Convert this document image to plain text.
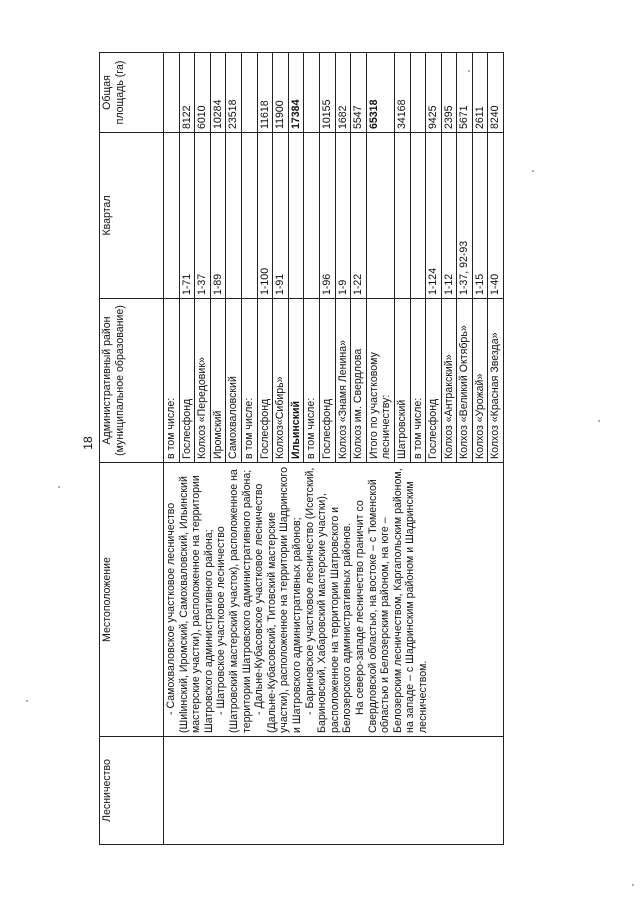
18
Лесничество	Местоположение	Административный район (муниципальное образование)	Квартал	Общая площадь (га)

	- Самохваловское участковое лесничество (Шиlинский, Иромский, Самохваловский, Ильинский мастерские участки), расположенное на территории Шатровского административного района; - Шатровское участковое лесничество (Шатровский мастерский участок), расположенное на территории Шатровского административного района; - Дальне-Кубасовское участковое лесничество (Дальне-Кубасовский, Титовский мастерские участки), расположенное на территории Шадринского и Шатровского административных районов; - Бариновское участковое лесничество (Исетский, Бариновский, Хабаровский мастерские участки), расположенное на территории Шатровского и Белозерского административных районов. На северо-западе лесничество граничит со Свердловской областью, на востоке – с Тюменской областью и Белозерским районом, на юге – Белозерским лесничеством, Каргапольским районом, на западе – с Шадринским районом и Шадринским лесничеством.	в том числе:		
		Гослесфонд	1-71	8122
		Колхоз «Передовик»	1-37	6010
		Иромский	1-89	10284
		Самохваловский		23518
		в том числе:		
		Гослесфонд	1-100	11618
		Колхоз«Сибирь»	1-91	11900
		Ильинский		17384
		в том числе:		
		Гослесфонд	1-96	10155
		Колхоз «Знамя Ленина»	1-9	1682
		Колхоз им. Свердлова	1-22	5547
		Итого по участковому лесничеству:		65318
		Шатровский		34168
		в том числе:		
		Гослесфонд	1-124	9425
		Колхоз «Антракский»	1-12	2395
		Колхоз «Великий Октябрь»	1-37, 92-93	5671
		Колхоз «Урожай»	1-15	2611
		Колхоз «Красная Звезда»	1-40	8240
